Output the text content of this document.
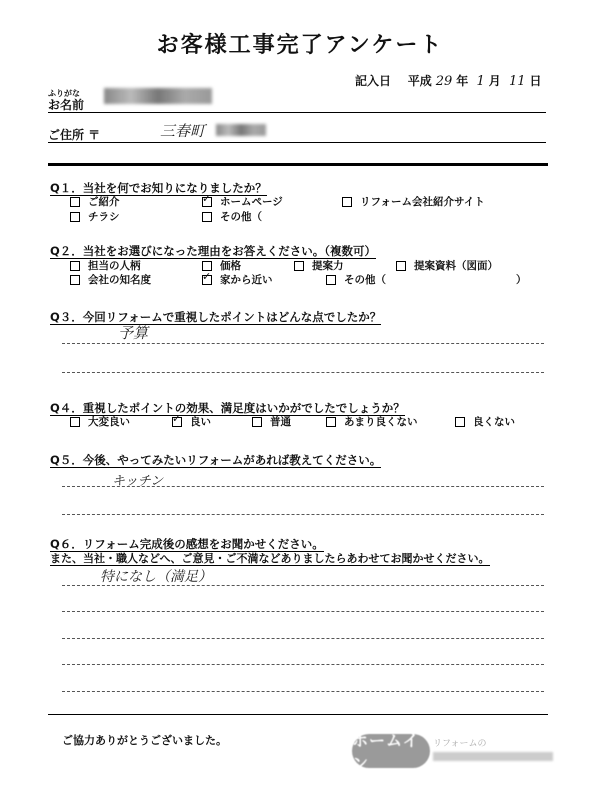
お客様工事完了アンケート
記入日 平成 29 年 1 月 11 日
ふりがな
お名前
ご住所 〒	三春町
Q１．当社を何でお知りになりましたか？
ご紹介 ✓	ホームページ	リフォーム会社紹介サイト
チラシ	その他（
Q２．当社をお選びになった理由をお答えください。（複数可）
担当の人柄	価格	提案力	提案資料（図面）
会社の知名度 ✓	家から近い	その他（	）
Q３．今回リフォームで重視したポイントはどんな点でしたか？
予算
Q４．重視したポイントの効果、満足度はいかがでしたでしょうか？
大変良い ✓	良い	普通	あまり良くない	良くない
Q５．今後、やってみたいリフォームがあれば教えてください。
キッチン
Q６．リフォーム完成後の感想をお聞かせください。
また、当社・職人などへ、ご意見・ご不満などありましたらあわせてお聞かせください。
特になし（満足）
ご協力ありがとうございました。	ホームイン
リフォームの
